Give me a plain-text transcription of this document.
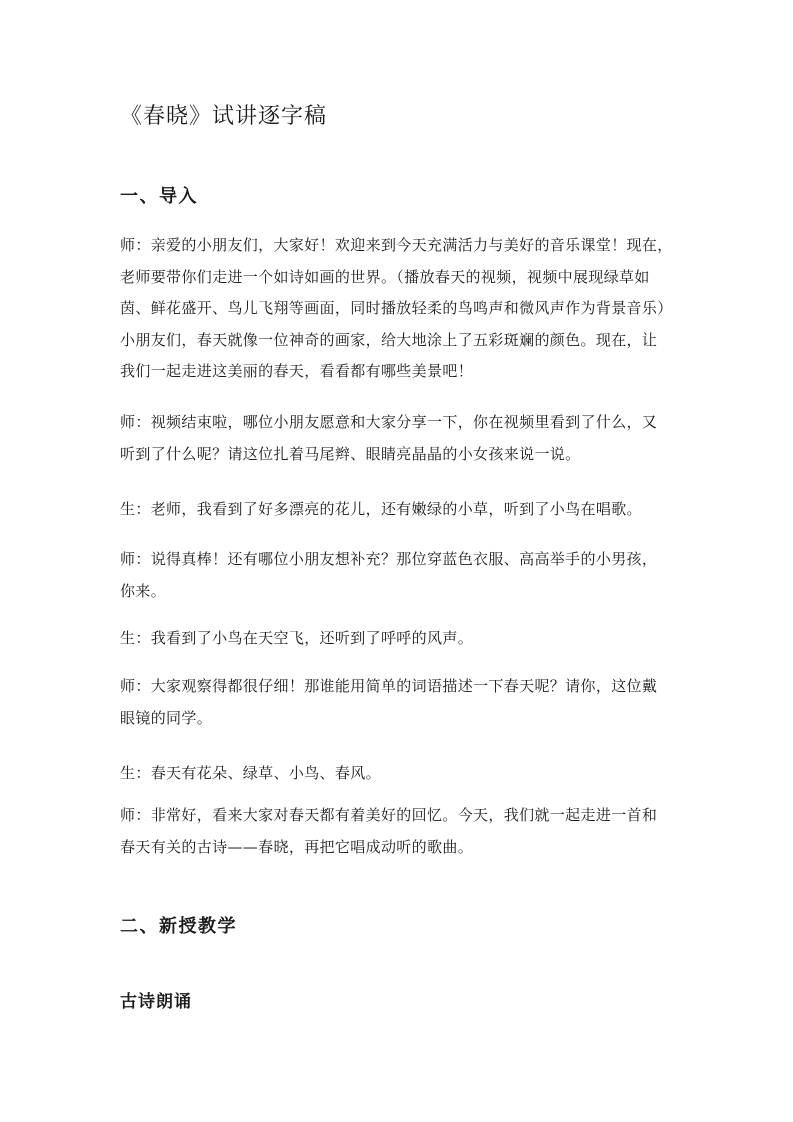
《春晓》试讲逐字稿
一、导入

师：亲爱的小朋友们，大家好！欢迎来到今天充满活力与美好的音乐课堂！现在，
老师要带你们走进一个如诗如画的世界。（播放春天的视频，视频中展现绿草如
茵、鲜花盛开、鸟儿飞翔等画面，同时播放轻柔的鸟鸣声和微风声作为背景音乐）
小朋友们，春天就像一位神奇的画家，给大地涂上了五彩斑斓的颜色。现在，让
我们一起走进这美丽的春天，看看都有哪些美景吧！

师：视频结束啦，哪位小朋友愿意和大家分享一下，你在视频里看到了什么，又
听到了什么呢？请这位扎着马尾辫、眼睛亮晶晶的小女孩来说一说。

生：老师，我看到了好多漂亮的花儿，还有嫩绿的小草，听到了小鸟在唱歌。

师：说得真棒！还有哪位小朋友想补充？那位穿蓝色衣服、高高举手的小男孩，
你来。

生：我看到了小鸟在天空飞，还听到了呼呼的风声。

师：大家观察得都很仔细！那谁能用简单的词语描述一下春天呢？请你，这位戴
眼镜的同学。

生：春天有花朵、绿草、小鸟、春风。

师：非常好，看来大家对春天都有着美好的回忆。今天，我们就一起走进一首和
春天有关的古诗——春晓，再把它唱成动听的歌曲。

二、新授教学
古诗朗诵
